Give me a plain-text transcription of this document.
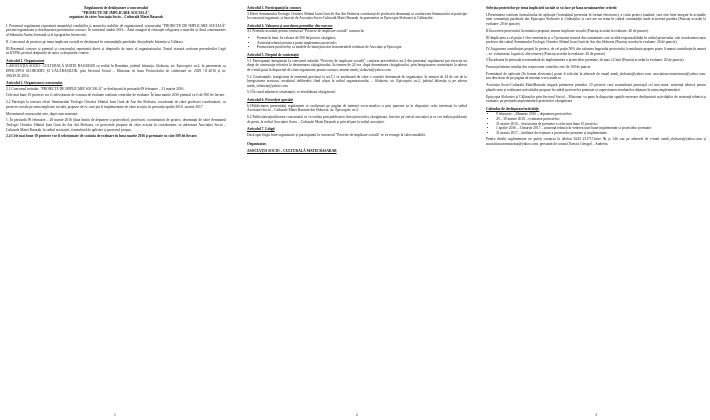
Regulament de desfășurare a concursului
"PROIECTE DE IMPLICARE SOCIALĂ",
organizat de către Asociația Socio – Culturală Matei Basarab

I. Prezentul regulament reprezintă ansamblul condițiilor și normelor stabilite de organizatorul concursului "PROIECTE DE IMPLICARE SOCIALĂ" privind organizarea și desfășurarea prezentului concurs. În contextul anului 2016 – Anul omagial al educației religioase a tinerilor și Anul comemorativ al Sfântului Antim Ivireanul și al tipografilor bisericești.

II. Concursul de proiecte pe tema implicare socială se desfășoară în comunitățile parohiale din județele Ialomița și Călărași.

III.Prezentul concurs și premiul și concursului reprezintă direct și drepturile de autor al organizatorului. Textul vizează conform prevederilor Legii nr.8/1996, privind drepturile de autor și drepturile conexe.

Articolul 1. Organizatori

1.ASOCIAȚIA SOCIO- CULTURALĂ MATEI BASARAB cu sediul în România, județul Ialomița, Slobozia, str. Episcopiei, nr.2, în parteneriat cu EPISCOPIA SLOBOZIEI ȘI CĂLĂRAȘILOR, prin Sectorul Social – Misionar, în baza Protocolului de colaborare nr. 2029 /11.2016 și nr. 396/29.01.2016.

Articolul 2. Organizarea concursului

2.1 Concursul intitulat: "PROIECTE DE IMPLICARE SOCIALĂ" se desfășoară în perioada 09 februarie – 31 martie 2016.

Cele mai bune 10 proiecte vor fi selecționate de comisia de evaluare conform criteriilor de evaluare. În luna martie 2016 premiul va fi de 500 lei fiecare.

2.2 Participă la concurs elevii Seminarului Teologic Ortodox Sfântul Ioan Gură de Aur din Slobozia, coordonați de către profesori coordonatori, cu proiecte sociale pe tema implicare socială, propuse de ei, care pot fi implementate de către aceștia, în perioada aprilie 2016 –martie 2017.

Mecanismul concursului este, după cum urmează:

1. În perioada 09 februarie – 28 martie 2016 (data limită de depunere a proiectelor), profesorii coordonatori de proiect, desemnați de către Seminarul Teologic Ortodox Sfântul Ioan Gură de Aur din Slobozia, cu proiectele propuse de către aceștia în coordonarea, se adresează Asociației Socio – Culturale Matei Basarab, la sediul asociației, formularul de aplicare și proiectul propus.

2.4 Cele mai bune 10 proiecte vor fi selecționate de comisia de evaluare în luna martie 2016 și premiate cu câte 500 lei fiecare.

1
Articolul 3. Participanții la concurs

3.Elevii Seminarului Teologic Ortodox Sfântul Ioan Gură de Aur din Slobozia coordonați de profesorii desemnați ai conducerea Seminarului să participe la concursul organizat, și înscriși de Asociația Socio-Culturală Matei Basarab, în parteneriat cu Episcopia Sloboziei și Călărașilor.

Articolul 4. Valoarea și acordarea premiilor din concurs

4.1 Premiile acordate pentru concursul "Proiecte de implicare socială" constau în:

• Premiu în bani, în valoare de 500 lei/proiect câștigător;
• Asistență tehnică pentru a putea implementa proiectele;
• Promovarea proiectelor ca modele de bună practică în materialele realizate de Asociație și Episcopie.
Articolul 5. Dreptul de contestație

5.1 Participanții înregistrați la concursul intitulat "Proiecte de implicare socială", conform prevederilor art.2 din prezentul regulament pot exercita un drept de contestație referitor la desemnarea câștigătorului. În termen de 24 ore, după desemnarea câștigătorului, prin înregistrarea contestației la adresa de e-mail pusă la dispoziție de către organizator pentru concurs, anume asmb_slobozia@yahoo.com.

5.2 Contestațiile, înregistrate în termenul prevăzut la art.5.1 se analizează de către o comisie desemnată de organizator, în termen de 24 de ore de la înregistrarea acestora, rezultatul deliberării fiind afișat la sediul organizatorului, – Slobozia, str. Episcopiei, nr.2, județul Ialomița și pe adresa asmb_slobozia@yahoo.com.

5.3 În cazul admiterii contestației, se invalidează câștigătorul.

Articolul 6. Prevederi speciale

6.1Publicitatea prezentului regulament se realizează pe pagina de internet www.asmb.ro a prin punerea sa la dispoziție celor interesați la sediul Asociației Socio – Culturale Matei Basarab din Slobozia, str. Episcopiei, nr.2.

6.2 Publicitatea/publicarea concursului se va realiza prin publicarea listei proiectelor câștigătoare, înscrise pe site-ul asociației și se vor realiza publicații de presă, la sediul Asociației Socio – Culturale Matei Basarab și prin afișare la sediul asociației.

Articolul 7. Litigii

Dacă apar litigii între organizator și participanții la concursul "Proiecte de implicare socială" se va recurge la calea amiabilă.

Organizator,

ASOCIAȚIA SOCIO – CULTURALĂ MATEI BASARAB

2

Selecția proiectelor pe tema implicării sociale se va face pe baza următoarelor criterii:

I.Prezentarea conform formularului de aplicație (formularul prezentat în format electronic), a cului proiect (analiză, care este bine integrat în acțiunile unei comunități parohiale din Episcopia Sloboziei și Călărașilor și care are un tema în cadrul comunității unde activează parohia (Punctaj acordat la evaluare: 20 de puncte).

II.Înscrierea proiectului în tematica propusă, anume implicare socială (Punctaj acordat la evaluare: 20 de puncte).

III.Implicarea a cel puțin 1 elev seminarist și a 5 persoane resursă din comunitate care să aibă responsabilități în cadrul proiectului, sub coordonarea unui profesor din cadrul Seminarului Teologic Ortodox Sfântul Ioan Gură de Aur din Slobozia (Punctaj acordat la evaluare: 20 de puncte).

IV.Asigurarea contribuției proprii în proiect, de cel puțin 50% din valoarea bugetului proiectului (contribuția proprie poate fi numai contribuție în natură – ex. voluntariat, logistică, alte resurse) (Punctaj acordat la evaluare: 20 de puncte).

V.Încadrarea în perioada recomandată de implementare a proiectelor premiate, de max.12 luni (Punctaj acordat la evaluare: 20 de puncte).

Punctajul minim rezultat din respectarea criteriilor este de 100 de puncte.

Formularul de aplicație (în format electronic) poate fi solicitat la adresele de email asmb_slobozia@yahoo.com, asociatiasociomisionar@yahoo.com, sau descărcat de pe pagina de internet www.asmb.ro

Asociația Socio-Culturală MateiBasarab asigură premierea primelor 10 proiecte care acumulează punctajul cel mai mare, asistență tehnică pentru planificarea și realizarea activităților propuse în cadrul proiectelor premiate și supervizarea rezultatelor obținute în urma implementării.

Episcopia Sloboziei și Călărașilor prin Sectorul Social – Misionar, va pune la dispoziție spațiile necesare desfășurării activităților de asistență tehnică și evaluare, pe perioada implementării proiectelor câștigătoare.

Calendar de desfășurare/activități:
• 9 februarie – 28martie 2016 – depunerea proiectelor;
• 29 – 30 martie 2016 – evaluarea proiectelor;
• 31 martie 2016 – festivitatea de premiere a celor mai bune 10 proiecte;
• 1 aprilie 2016 – 31martie 2017 – asistență tehnică în vederea unei bune implementări a proiectelor premiate;
• 31 martie 2017 – întâlnire de evaluare a proiectelor premiate și implementate.

Pentru detalii suplimentare ne puteți contacta la telefon 0243 231717,între 9h și 14h sau pe adresele de e-mail asmb_slobozia@yahoo.com și asociatiasociomisionar@yahoo.com, persoană de contact Enescu Georgel – Andreea.

3
